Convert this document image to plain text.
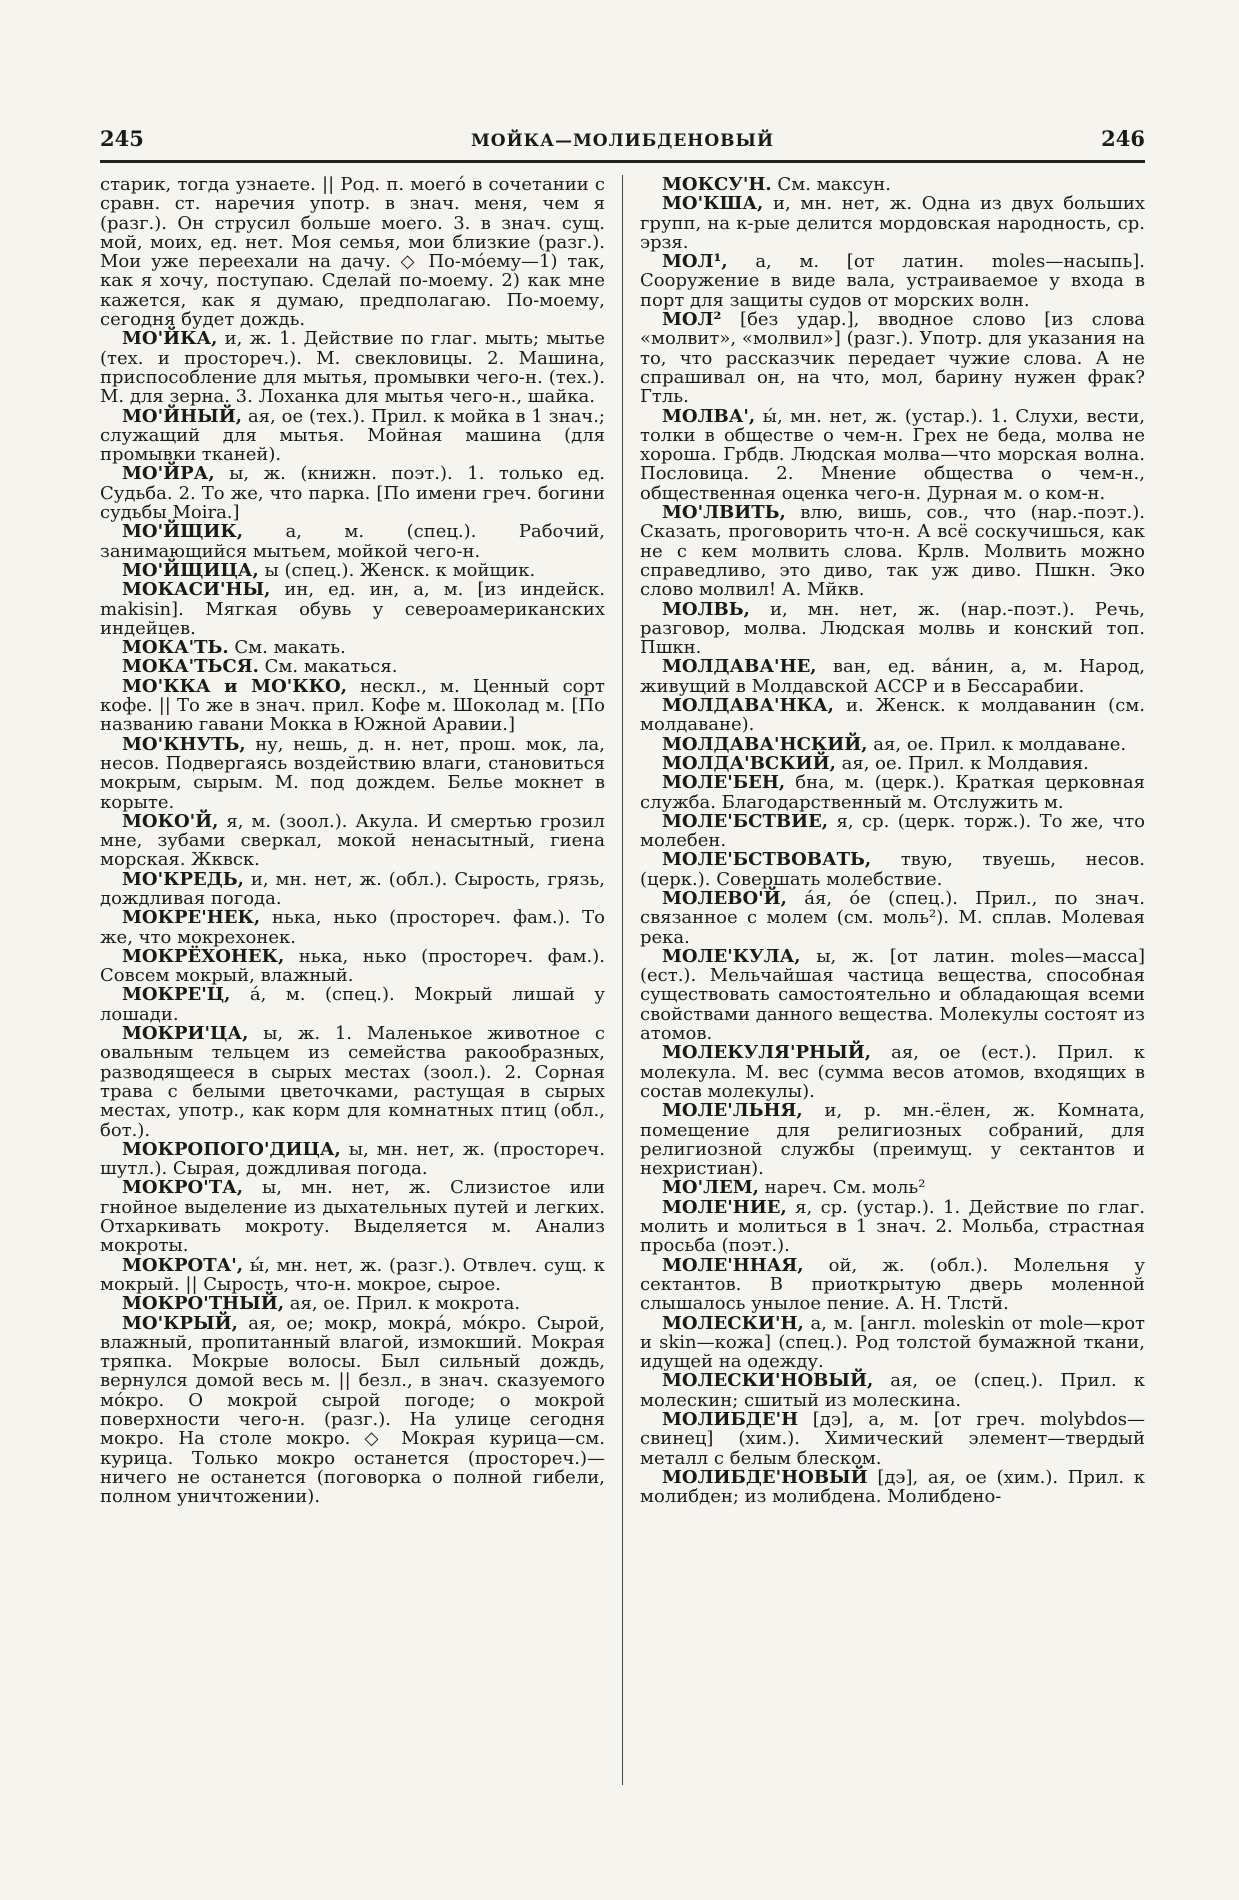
245	МОЙКА—МОЛИБДЕНОВЫЙ	246

старик, тогда узнаете. || Род. п. моего́ в сочетании с сравн. ст. наречия употр. в знач. меня, чем я (разг.). Он струсил больше моего. 3. в знач. сущ. мой, моих, ед. нет. Моя семья, мои близкие (разг.). Мои уже переехали на дачу. ◇ По-мо́ему—1) так, как я хочу, поступаю. Сделай по-моему. 2) как мне кажется, как я думаю, предполагаю. По-моему, сегодня будет дождь.

МО'ЙКА, и, ж. 1. Действие по глаг. мыть; мытье (тех. и простореч.). М. свекловицы. 2. Машина, приспособление для мытья, промывки чего-н. (тех.). М. для зерна. 3. Лоханка для мытья чего-н., шайка.

МО'ЙНЫЙ, ая, ое (тех.). Прил. к мойка в 1 знач.; служащий для мытья. Мойная машина (для промывки тканей).

МО'ЙРА, ы, ж. (книжн. поэт.). 1. только ед. Судьба. 2. То же, что парка. [По имени греч. богини судьбы Moira.]

МО'ЙЩИК, а, м. (спец.). Рабочий, занимающийся мытьем, мойкой чего-н.

МО'ЙЩИЦА, ы (спец.). Женск. к мойщик.

МОКАСИ'НЫ, ин, ед. ин, а, м. [из индейск. makisin]. Мягкая обувь у североамериканских индейцев.

МОКА'ТЬ. См. макать.

МОКА'ТЬСЯ. См. макаться.

МО'ККА и МО'ККО, нескл., м. Ценный сорт кофе. || То же в знач. прил. Кофе м. Шоколад м. [По названию гавани Мокка в Южной Аравии.]

МО'КНУТЬ, ну, нешь, д. н. нет, прош. мок, ла, несов. Подвергаясь воздействию влаги, становиться мокрым, сырым. М. под дождем. Белье мокнет в корыте.

МОКО'Й, я, м. (зоол.). Акула. И смертью грозил мне, зубами сверкал, мокой ненасытный, гиена морская. Жквск.

МО'КРЕДЬ, и, мн. нет, ж. (обл.). Сырость, грязь, дождливая погода.

МОКРЕ'НЕК, нька, нько (простореч. фам.). То же, что мокрехонек.

МОКРЁХОНЕК, нька, нько (простореч. фам.). Совсем мокрый, влажный.

МОКРЕ'Ц, а́, м. (спец.). Мокрый лишай у лошади.

МОКРИ'ЦА, ы, ж. 1. Маленькое животное с овальным тельцем из семейства ракообразных, разводящееся в сырых местах (зоол.). 2. Сорная трава с белыми цветочками, растущая в сырых местах, употр., как корм для комнатных птиц (обл., бот.).

МОКРОПОГО'ДИЦА, ы, мн. нет, ж. (простореч. шутл.). Сырая, дождливая погода.

МОКРО'ТА, ы, мн. нет, ж. Слизистое или гнойное выделение из дыхательных путей и легких. Отхаркивать мокроту. Выделяется м. Анализ мокроты.

МОКРОТА', ы́, мн. нет, ж. (разг.). Отвлеч. сущ. к мокрый. || Сырость, что-н. мокрое, сырое.

МОКРО'ТНЫЙ, ая, ое. Прил. к мокрота.

МО'КРЫЙ, ая, ое; мокр, мокра́, мо́кро. Сырой, влажный, пропитанный влагой, измокший. Мокрая тряпка. Мокрые волосы. Был сильный дождь, вернулся домой весь м. || безл., в знач. сказуемого мо́кро. О мокрой сырой погоде; о мокрой поверхности чего-н. (разг.). На улице сегодня мокро. На столе мокро. ◇ Мокрая курица—см. курица. Только мокро останется (простореч.)—ничего не останется (поговорка о полной гибели, полном уничтожении).

МОКСУ'Н. См. максун.

МО'КША, и, мн. нет, ж. Одна из двух больших групп, на к-рые делится мордовская народность, ср. эрзя.

МОЛ¹, а, м. [от латин. moles—насыпь]. Сооружение в виде вала, устраиваемое у входа в порт для защиты судов от морских волн.

МОЛ² [без удар.], вводное слово [из слова «молвит», «молвил»] (разг.). Употр. для указания на то, что рассказчик передает чужие слова. А не спрашивал он, на что, мол, барину нужен фрак? Гтль.

МОЛВА', ы́, мн. нет, ж. (устар.). 1. Слухи, вести, толки в обществе о чем-н. Грех не беда, молва не хороша. Грбдв. Людская молва—что морская волна. Пословица. 2. Мнение общества о чем-н., общественная оценка чего-н. Дурная м. о ком-н.

МО'ЛВИТЬ, влю, вишь, сов., что (нар.-поэт.). Сказать, проговорить что-н. А всё соскучишься, как не с кем молвить слова. Крлв. Молвить можно справедливо, это диво, так уж диво. Пшкн. Эко слово молвил! А. Мйкв.

МОЛВЬ, и, мн. нет, ж. (нар.-поэт.). Речь, разговор, молва. Людская молвь и конский топ. Пшкн.

МОЛДАВА'НЕ, ван, ед. ва́нин, а, м. Народ, живущий в Молдавской АССР и в Бессарабии.

МОЛДАВА'НКА, и. Женск. к молдаванин (см. молдаване).

МОЛДАВА'НСКИЙ, ая, ое. Прил. к молдаване.

МОЛДА'ВСКИЙ, ая, ое. Прил. к Молдавия.

МОЛЕ'БЕН, бна, м. (церк.). Краткая церковная служба. Благодарственный м. Отслужить м.

МОЛЕ'БСТВИЕ, я, ср. (церк. торж.). То же, что молебен.

МОЛЕ'БСТВОВАТЬ, твую, твуешь, несов. (церк.). Совершать молебствие.

МОЛЕВО'Й, а́я, о́е (спец.). Прил., по знач. связанное с молем (см. моль²). М. сплав. Молевая река.

МОЛЕ'КУЛА, ы, ж. [от латин. moles—масса] (ест.). Мельчайшая частица вещества, способная существовать самостоятельно и обладающая всеми свойствами данного вещества. Молекулы состоят из атомов.

МОЛЕКУЛЯ'РНЫЙ, ая, ое (ест.). Прил. к молекула. М. вес (сумма весов атомов, входящих в состав молекулы).

МОЛЕ'ЛЬНЯ, и, р. мн.-ёлен, ж. Комната, помещение для религиозных собраний, для религиозной службы (преимущ. у сектантов и нехристиан).

МО'ЛЕМ, нареч. См. моль²

МОЛЕ'НИЕ, я, ср. (устар.). 1. Действие по глаг. молить и молиться в 1 знач. 2. Мольба, страстная просьба (поэт.).

МОЛЕ'ННАЯ, ой, ж. (обл.). Молельня у сектантов. В приоткрытую дверь моленной слышалось унылое пение. А. Н. Тлстй.

МОЛЕСКИ'Н, а, м. [англ. moleskin от mole—крот и skin—кожа] (спец.). Род толстой бумажной ткани, идущей на одежду.

МОЛЕСКИ'НОВЫЙ, ая, ое (спец.). Прил. к молескин; сшитый из молескина.

МОЛИБДЕ'Н [дэ], а, м. [от греч. molybdos—свинец] (хим.). Химический элемент—твердый металл с белым блеском.

МОЛИБДЕ'НОВЫЙ [дэ], ая, ое (хим.). Прил. к молибден; из молибдена. Молибдено-
